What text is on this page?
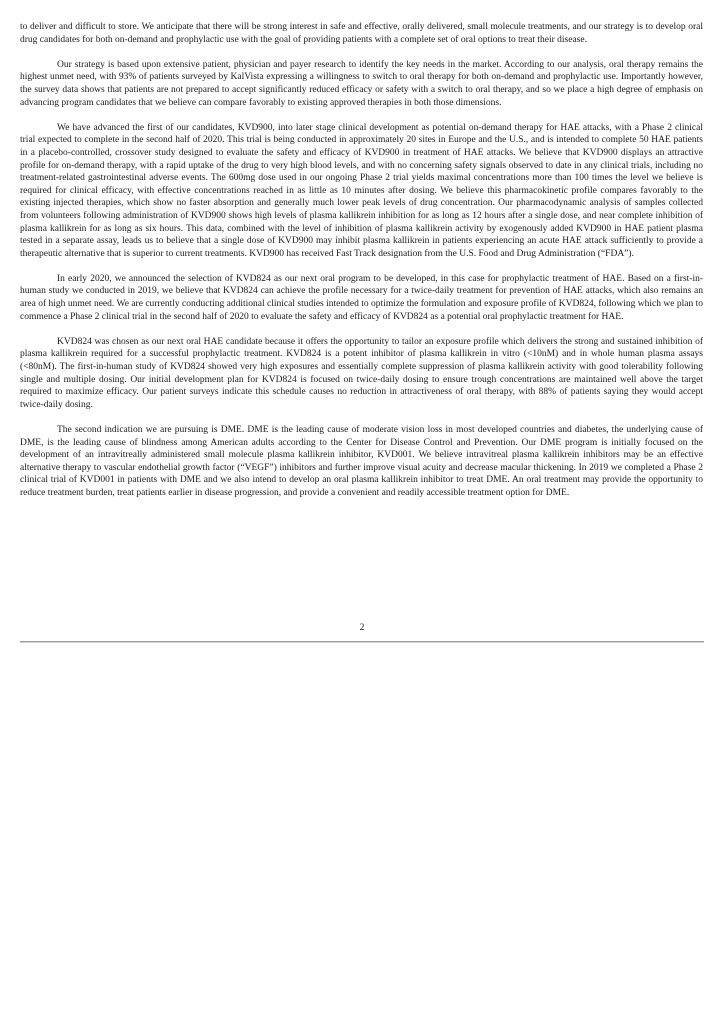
to deliver and difficult to store. We anticipate that there will be strong interest in safe and effective, orally delivered, small molecule treatments, and our strategy is to develop oral drug candidates for both on-demand and prophylactic use with the goal of providing patients with a complete set of oral options to treat their disease.

Our strategy is based upon extensive patient, physician and payer research to identify the key needs in the market. According to our analysis, oral therapy remains the highest unmet need, with 93% of patients surveyed by KalVista expressing a willingness to switch to oral therapy for both on-demand and prophylactic use. Importantly however, the survey data shows that patients are not prepared to accept significantly reduced efficacy or safety with a switch to oral therapy, and so we place a high degree of emphasis on advancing program candidates that we believe can compare favorably to existing approved therapies in both those dimensions.

We have advanced the first of our candidates, KVD900, into later stage clinical development as potential on-demand therapy for HAE attacks, with a Phase 2 clinical trial expected to complete in the second half of 2020. This trial is being conducted in approximately 20 sites in Europe and the U.S., and is intended to complete 50 HAE patients in a placebo-controlled, crossover study designed to evaluate the safety and efficacy of KVD900 in treatment of HAE attacks. We believe that KVD900 displays an attractive profile for on-demand therapy, with a rapid uptake of the drug to very high blood levels, and with no concerning safety signals observed to date in any clinical trials, including no treatment-related gastrointestinal adverse events. The 600mg dose used in our ongoing Phase 2 trial yields maximal concentrations more than 100 times the level we believe is required for clinical efficacy, with effective concentrations reached in as little as 10 minutes after dosing. We believe this pharmacokinetic profile compares favorably to the existing injected therapies, which show no faster absorption and generally much lower peak levels of drug concentration. Our pharmacodynamic analysis of samples collected from volunteers following administration of KVD900 shows high levels of plasma kallikrein inhibition for as long as 12 hours after a single dose, and near complete inhibition of plasma kallikrein for as long as six hours. This data, combined with the level of inhibition of plasma kallikrein activity by exogenously added KVD900 in HAE patient plasma tested in a separate assay, leads us to believe that a single dose of KVD900 may inhibit plasma kallikrein in patients experiencing an acute HAE attack sufficiently to provide a therapeutic alternative that is superior to current treatments. KVD900 has received Fast Track designation from the U.S. Food and Drug Administration (“FDA”).

In early 2020, we announced the selection of KVD824 as our next oral program to be developed, in this case for prophylactic treatment of HAE. Based on a first-in-human study we conducted in 2019, we believe that KVD824 can achieve the profile necessary for a twice-daily treatment for prevention of HAE attacks, which also remains an area of high unmet need. We are currently conducting additional clinical studies intended to optimize the formulation and exposure profile of KVD824, following which we plan to commence a Phase 2 clinical trial in the second half of 2020 to evaluate the safety and efficacy of KVD824 as a potential oral prophylactic treatment for HAE.

KVD824 was chosen as our next oral HAE candidate because it offers the opportunity to tailor an exposure profile which delivers the strong and sustained inhibition of plasma kallikrein required for a successful prophylactic treatment. KVD824 is a potent inhibitor of plasma kallikrein in vitro (<10nM) and in whole human plasma assays (<80nM). The first-in-human study of KVD824 showed very high exposures and essentially complete suppression of plasma kallikrein activity with good tolerability following single and multiple dosing. Our initial development plan for KVD824 is focused on twice-daily dosing to ensure trough concentrations are maintained well above the target required to maximize efficacy. Our patient surveys indicate this schedule causes no reduction in attractiveness of oral therapy, with 88% of patients saying they would accept twice-daily dosing.

The second indication we are pursuing is DME. DME is the leading cause of moderate vision loss in most developed countries and diabetes, the underlying cause of DME, is the leading cause of blindness among American adults according to the Center for Disease Control and Prevention. Our DME program is initially focused on the development of an intravitreally administered small molecule plasma kallikrein inhibitor, KVD001. We believe intravitreal plasma kallikrein inhibitors may be an effective alternative therapy to vascular endothelial growth factor (“VEGF”) inhibitors and further improve visual acuity and decrease macular thickening. In 2019 we completed a Phase 2 clinical trial of KVD001 in patients with DME and we also intend to develop an oral plasma kallikrein inhibitor to treat DME. An oral treatment may provide the opportunity to reduce treatment burden, treat patients earlier in disease progression, and provide a convenient and readily accessible treatment option for DME.

2
